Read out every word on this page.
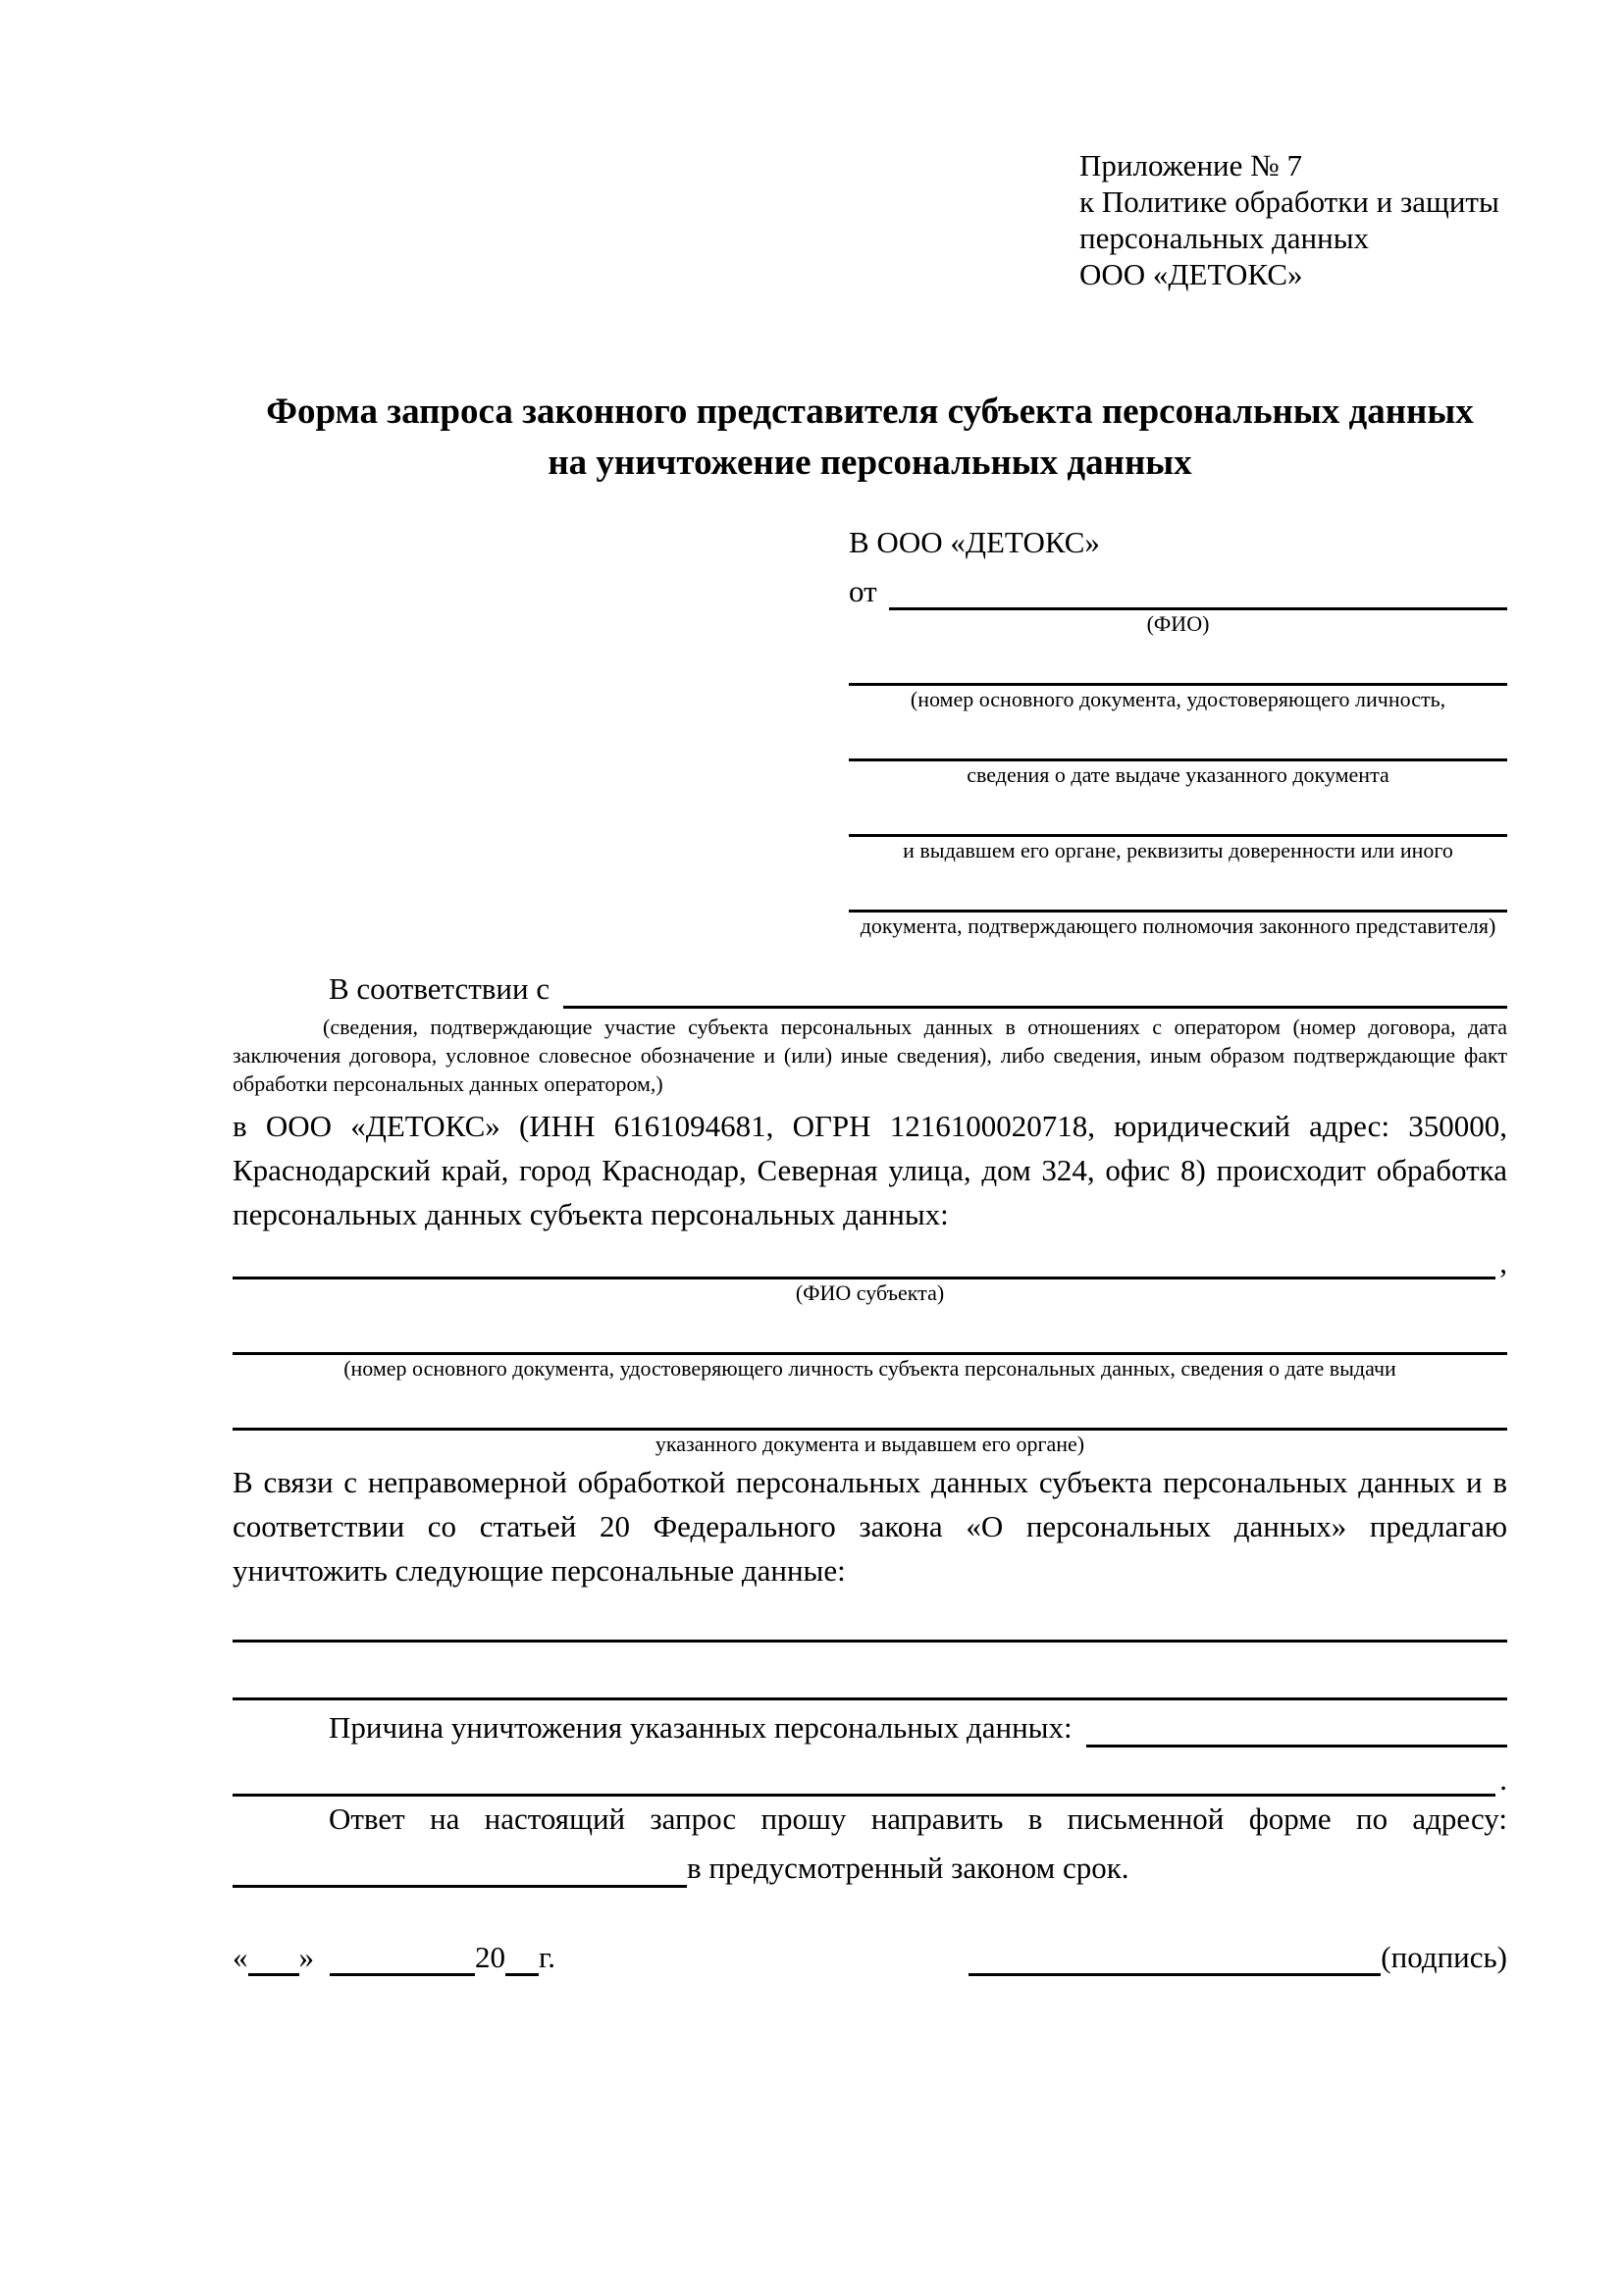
Приложение № 7
к Политике обработки и защиты
персональных данных
ООО «ДЕТОКС»
Форма запроса законного представителя субъекта персональных данных
на уничтожение персональных данных
В ООО «ДЕТОКС»
от
(ФИО)
(номер основного документа, удостоверяющего личность,
сведения о дате выдаче указанного документа
и выдавшем его органе, реквизиты доверенности или иного
документа, подтверждающего полномочия законного представителя)
В соответствии с

(сведения, подтверждающие участие субъекта персональных данных в отношениях с оператором (номер договора, дата заключения договора, условное словесное обозначение и (или) иные сведения), либо сведения, иным образом подтверждающие факт обработки персональных данных оператором,)

в ООО «ДЕТОКС» (ИНН 6161094681, ОГРН 1216100020718, юридический адрес: 350000, Краснодарский край, город Краснодар, Северная улица, дом 324, офис 8) происходит обработка персональных данных субъекта персональных данных:

,
(ФИО субъекта)
(номер основного документа, удостоверяющего личность субъекта персональных данных, сведения о дате выдачи
указанного документа и выдавшем его органе)

В связи с неправомерной обработкой персональных данных субъекта персональных данных и в соответствии со статьей 20 Федерального закона «О персональных данных» предлагаю уничтожить следующие персональные данные:

Причина уничтожения указанных персональных данных:
.
Ответ на настоящий запрос прошу направить в письменной форме по адресу:
в предусмотренный законом срок.
« »	20 г.	(подпись)
